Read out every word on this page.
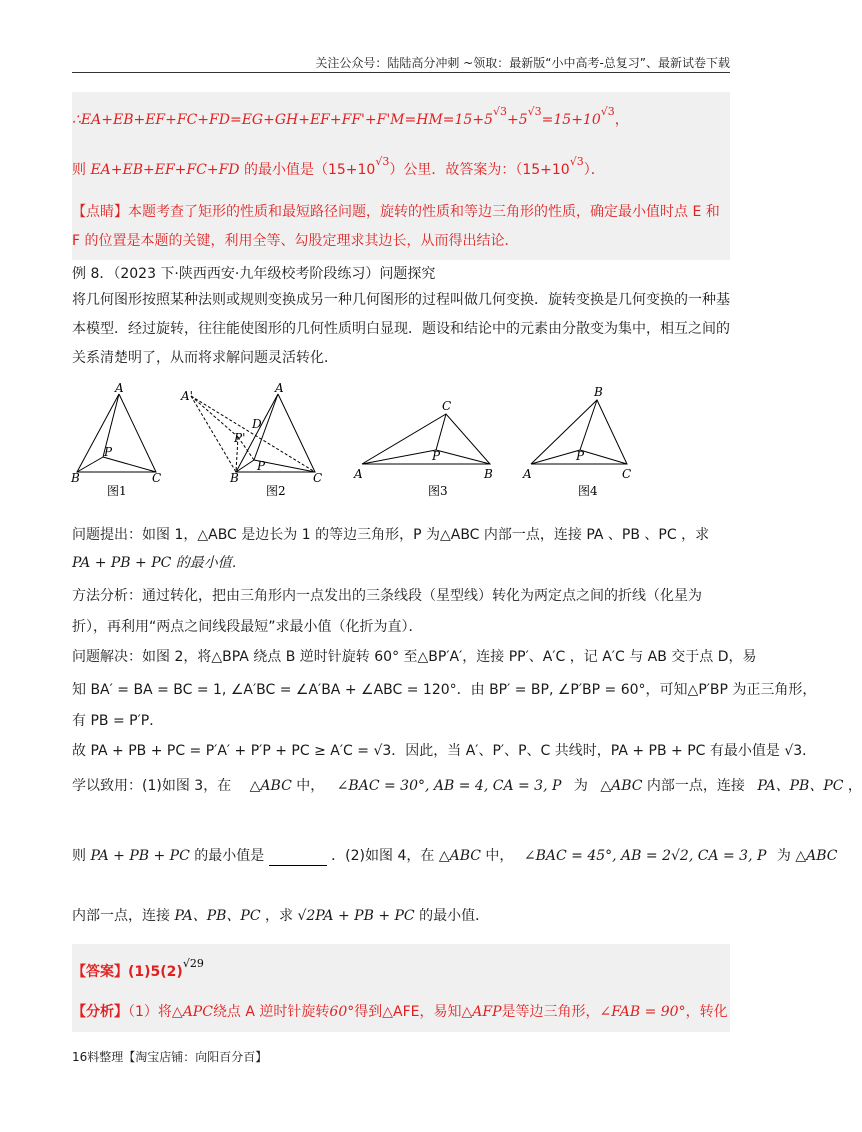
关注公众号：陆陆高分冲刺 ~领取：最新版“小中高考-总复习”、最新试卷下载
$\therefore EA+EB+EF+FC+FD=EG+GH+EF+FF'+F'M=HM=15+5^{√3}+5^{√3}=15+10^{√3}$，
则 EA+EB+EF+FC+FD 的最小值是$(15+10^{√3})$公里．故答案为：$(15+10^{√3})$．
【点睛】本题考查了矩形的性质和最短路径问题，旋转的性质和等边三角形的性质，确定最小值时点 E 和 F 的位置是本题的关键，利用全等、勾股定理求其边长，从而得出结论．
例 8．（2023 下·陕西西安·九年级校考阶段练习）问题探究
将几何图形按照某种法则或规则变换成另一种几何图形的过程叫做几何变换．旋转变换是几何变换的一种基本模型．经过旋转，往往能使图形的几何性质明白显现．题设和结论中的元素由分散变为集中，相互之间的关系清楚明了，从而将求解问题灵活转化．
A
B	C
P
A
A'
D
P'
P
B	C
C
P
A	B
B
P
A	C
图1	图2	图3	图4
问题提出：如图 1，△ABC 是边长为 1 的等边三角形，P 为△ABC 内部一点，连接 PA 、PB 、PC ，求
PA + PB + PC 的最小值．
方法分析：通过转化，把由三角形内一点发出的三条线段（星型线）转化为两定点之间的折线（化星为
折），再利用“两点之间线段最短”求最小值（化折为直）．
问题解决：如图 2，将△BPA 绕点 B 逆时针旋转 60° 至△BP′A′，连接 PP′、A′C ，记 A′C 与 AB 交于点 D，易
知 BA′ = BA = BC = 1, ∠A′BC = ∠A′BA + ∠ABC = 120°．由 BP′ = BP, ∠P′BP = 60°，可知△P′BP 为正三角形，
有 PB = P′P．
故 PA + PB + PC = P′A′ + P′P + PC ≥ A′C = √3．因此，当 A′、P′、P、C 共线时，PA + PB + PC 有最小值是 √3．
学以致用：(1)如图 3，在 △ABC 中， ∠BAC = 30°, AB = 4, CA = 3, P 为 △ABC 内部一点，连接 PA、PB、PC ，
则 PA + PB + PC 的最小值是	．(2)如图 4，在 △ABC 中， ∠BAC = 45°, AB = 2√2, CA = 3, P 为 △ABC
内部一点，连接 PA、PB、PC ，求 √2PA + PB + PC 的最小值．
【答案】$(1)5(2)^{√29}$
【分析】（1）将△APC绕点 A 逆时针旋转60°得到△AFE，易知△AFP是等边三角形，∠FAB = 90°，转化
16料整理【淘宝店铺：向阳百分百】
